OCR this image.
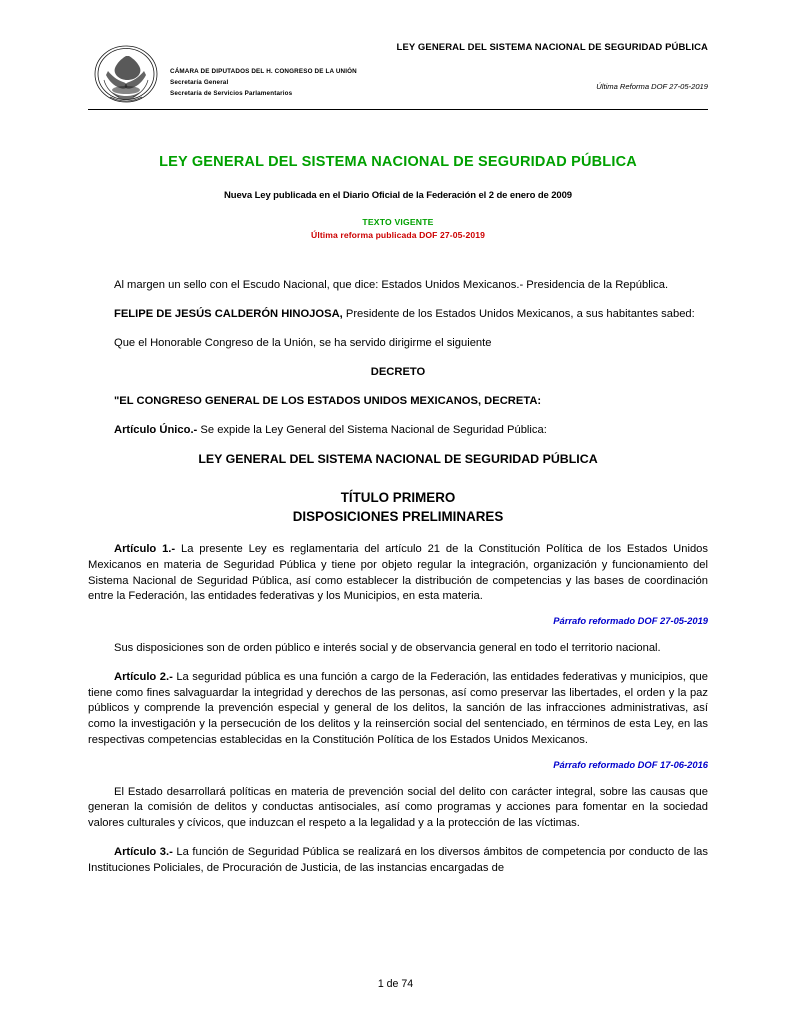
LEY GENERAL DEL SISTEMA NACIONAL DE SEGURIDAD PÚBLICA
CÁMARA DE DIPUTADOS DEL H. CONGRESO DE LA UNIÓN
Secretaría General
Secretaría de Servicios Parlamentarios
Última Reforma DOF 27-05-2019
LEY GENERAL DEL SISTEMA NACIONAL DE SEGURIDAD PÚBLICA
Nueva Ley publicada en el Diario Oficial de la Federación el 2 de enero de 2009
TEXTO VIGENTE
Última reforma publicada DOF 27-05-2019

Al margen un sello con el Escudo Nacional, que dice: Estados Unidos Mexicanos.- Presidencia de la República.

FELIPE DE JESÚS CALDERÓN HINOJOSA, Presidente de los Estados Unidos Mexicanos, a sus habitantes sabed:

Que el Honorable Congreso de la Unión, se ha servido dirigirme el siguiente

DECRETO

"EL CONGRESO GENERAL DE LOS ESTADOS UNIDOS MEXICANOS, DECRETA:

Artículo Único.- Se expide la Ley General del Sistema Nacional de Seguridad Pública:

LEY GENERAL DEL SISTEMA NACIONAL DE SEGURIDAD PÚBLICA

TÍTULO PRIMERO
DISPOSICIONES PRELIMINARES

Artículo 1.- La presente Ley es reglamentaria del artículo 21 de la Constitución Política de los Estados Unidos Mexicanos en materia de Seguridad Pública y tiene por objeto regular la integración, organización y funcionamiento del Sistema Nacional de Seguridad Pública, así como establecer la distribución de competencias y las bases de coordinación entre la Federación, las entidades federativas y los Municipios, en esta materia.

Párrafo reformado DOF 27-05-2019

Sus disposiciones son de orden público e interés social y de observancia general en todo el territorio nacional.

Artículo 2.- La seguridad pública es una función a cargo de la Federación, las entidades federativas y municipios, que tiene como fines salvaguardar la integridad y derechos de las personas, así como preservar las libertades, el orden y la paz públicos y comprende la prevención especial y general de los delitos, la sanción de las infracciones administrativas, así como la investigación y la persecución de los delitos y la reinserción social del sentenciado, en términos de esta Ley, en las respectivas competencias establecidas en la Constitución Política de los Estados Unidos Mexicanos.

Párrafo reformado DOF 17-06-2016

El Estado desarrollará políticas en materia de prevención social del delito con carácter integral, sobre las causas que generan la comisión de delitos y conductas antisociales, así como programas y acciones para fomentar en la sociedad valores culturales y cívicos, que induzcan el respeto a la legalidad y a la protección de las víctimas.

Artículo 3.- La función de Seguridad Pública se realizará en los diversos ámbitos de competencia por conducto de las Instituciones Policiales, de Procuración de Justicia, de las instancias encargadas de

1 de 74
